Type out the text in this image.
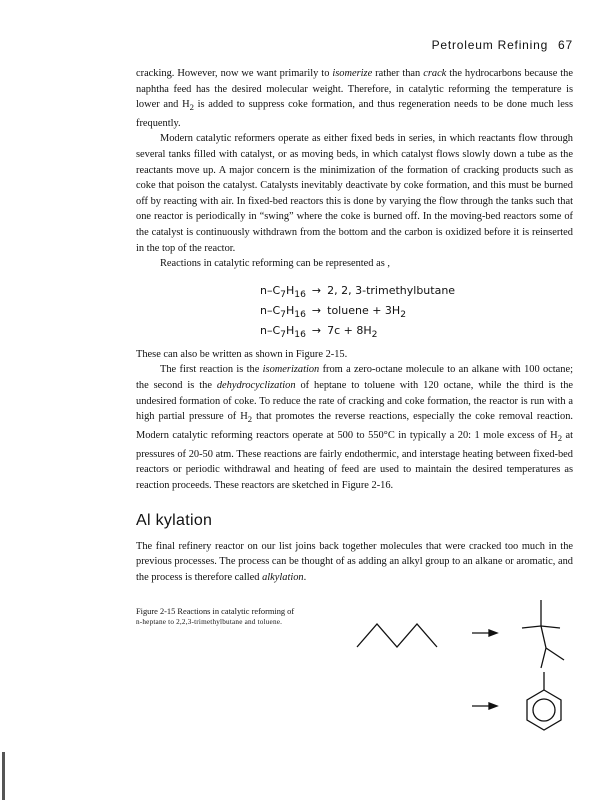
Petroleum Refining 67

cracking. However, now we want primarily to isomerize rather than crack the hydrocarbons because the naphtha feed has the desired molecular weight. Therefore, in catalytic reforming the temperature is lower and $H_2$ is added to suppress coke formation, and thus regeneration needs to be done much less frequently.

Modern catalytic reformers operate as either fixed beds in series, in which reactants flow through several tanks filled with catalyst, or as moving beds, in which catalyst flows slowly down a tube as the reactants move up. A major concern is the minimization of the formation of cracking products such as coke that poison the catalyst. Catalysts inevitably deactivate by coke formation, and this must be burned off by reacting with air. In fixed-bed reactors this is done by varying the flow through the tanks such that one reactor is periodically in “swing” where the coke is burned off. In the moving-bed reactors some of the catalyst is continuously withdrawn from the bottom and the carbon is oxidized before it is reinserted in the top of the reactor.

Reactions in catalytic reforming can be represented as ,

$n-C_7H_{16} \to 2$, 2, 3-trimethylbutane
$n-C_7H_{16}$ → toluene + $3H_2$
$n-C_7H_{16} \to 7c + 8H_2$

These can also be written as shown in Figure 2-15.

The first reaction is the isomerization from a zero-octane molecule to an alkane with 100 octane; the second is the dehydrocyclization of heptane to toluene with 120 octane, while the third is the undesired formation of coke. To reduce the rate of cracking and coke formation, the reactor is run with a high partial pressure of $H_2$ that promotes the reverse reactions, especially the coke removal reaction. Modern catalytic reforming reactors operate at 500 to 550°C in typically a 20: 1 mole excess of $H_2$ at pressures of 20-50 atm. These reactions are fairly endothermic, and interstage heating between fixed-bed reactors or periodic withdrawal and heating of feed are used to maintain the desired temperatures as reaction proceeds. These reactors are sketched in Figure 2-16.

Al kylation

The final refinery reactor on our list joins back together molecules that were cracked too much in the previous processes. The process can be thought of as adding an alkyl group to an alkane or aromatic, and the process is therefore called alkylation.

Figure 2-15 Reactions in catalytic reforming of
n-heptane to 2,2,3-trimethylbutane and toluene.
